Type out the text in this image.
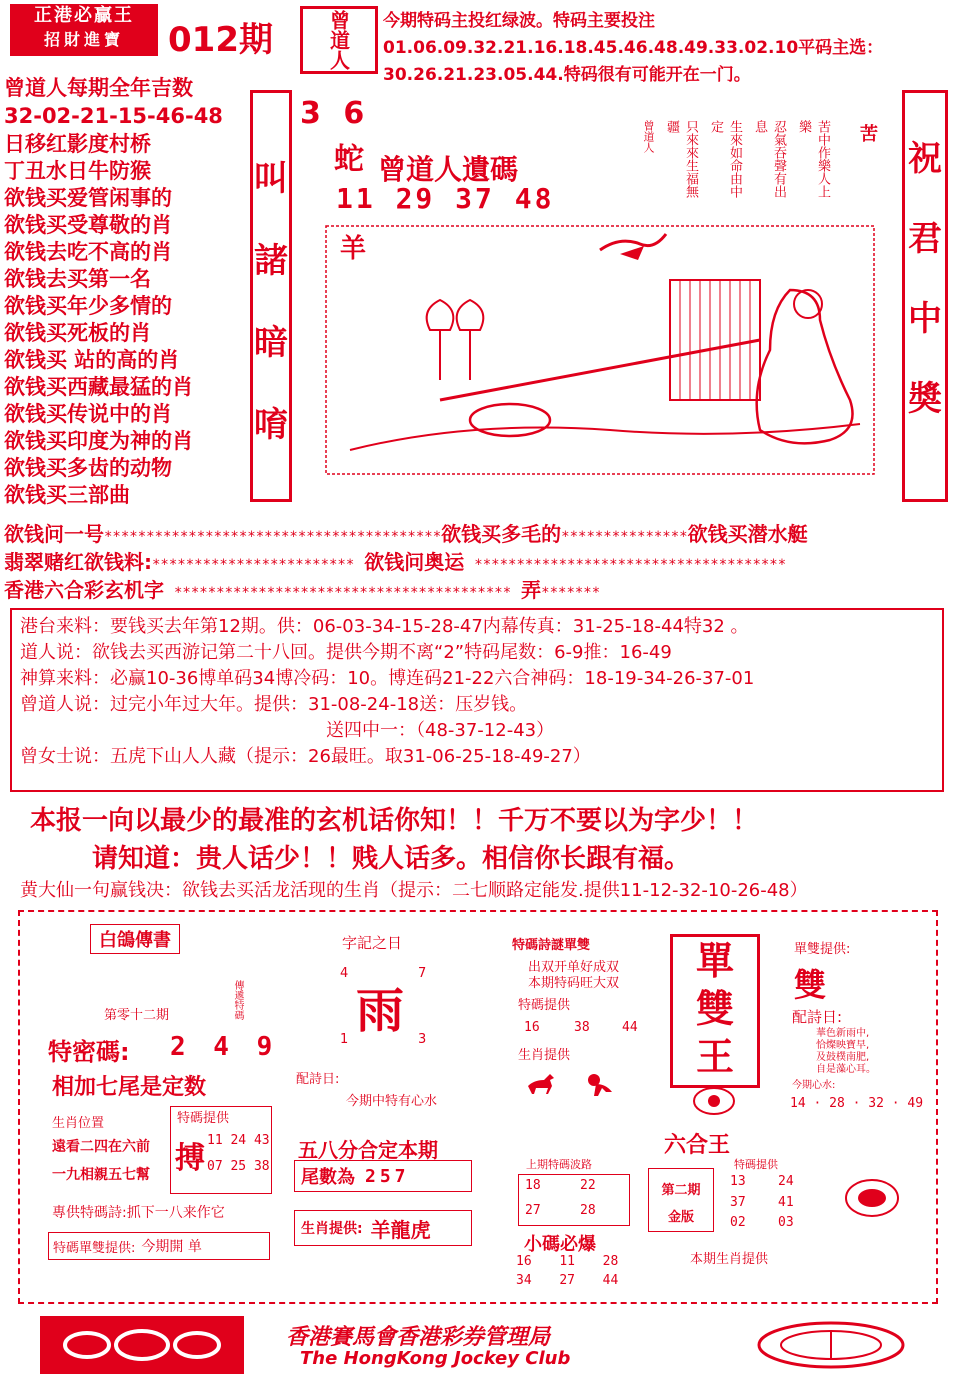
正港必贏王
招財進寶	012期	曾道人 今期特码主投红绿波。特码主要投注01.06.09.32.21.16.18.45.46.48.49.33.02.10平码主选：30.26.21.23.05.44.特码很有可能开在一门。
曾道人每期全年吉数
32-02-21-15-46-48
日移红影度村桥
丁丑水日牛防猴
欲钱买爱管闲事的
欲钱买受尊敬的肖
欲钱去吃不高的肖
欲钱去买第一名
欲钱买年少多情的
欲钱买死板的肖
欲钱买 站的高的肖
欲钱买西藏最猛的肖
欲钱买传说中的肖
欲钱买印度为神的肖
欲钱买多齿的动物
欲钱买三部曲
叫
諸
暗
唷
祝
君
中
奬
3 6
蛇 曾道人遺碼
11 29 37 48
羊
苦
苦中作樂人上樂
忍氣吞聲有出息
生來如命由中定
只來來生福無疆
曾道人
欲钱问一号****************************************欲钱买多毛的***************欲钱买潜水艇
翡翠赌红欲钱料:************************ 欲钱问奥运 *************************************
香港六合彩玄机字 **************************************** 弄*******
港台来料：要钱买去年第12期。供：06-03-34-15-28-47内幕传真：31-25-18-44特32 。
道人说：欲钱去买西游记第二十八回。提供今期不离“2”特码尾数：6-9推：16-49
神算来料：必赢10-36博单码34博冷码：10。博连码21-22六合神码：18-19-34-26-37-01
曾道人说：过完小年过大年。提供：31-08-24-18送：压岁钱。
送四中一：（48-37-12-43）
曾女士说：五虎下山人人藏（提示：26最旺。取31-06-25-18-49-27）
本报一向以最少的最准的玄机话你知！！千万不要以为字少！！
请知道：贵人话少！！贱人话多。相信你长跟有福。
黄大仙一句赢钱决：欲钱去买活龙活现的生肖（提示：二七顺路定能发.提供11-12-32-10-26-48）
白鴿傳書
傳遞特碼
第零十二期
特密碼: 2 4 9
相加七尾是定数
生肖位置
遠看二四在六前
一九相親五七幫
特碼提供
搏
11 24 43
07 25 38
專供特碼詩:抓下一八来作它
特碼單雙提供: 今期開 单
字記之日
4	7
雨
1	3
配詩日:
今期中特有心水
五八分合定本期
尾數為 257
生肖提供: 羊龍虎
特碼詩謎單雙
出双开单好成双
本期特码旺大双
特碼提供
16	38 44
生肖提供
單
雙
王
單雙提供:
雙
配詩日:
華色新雨中,
恰燦映寶早,
及鼓樸南肥,
自是藻心耳。
今期心水:
14 · 28 · 32 · 49
六合王
上期特碼波路
18	22
27	28
第二期
金版
特碼提供
13	24
37	41
02	03
小碼必爆
16	11	28
34	27	44
本期生肖提供
香港賽馬會香港彩券管理局
The HongKong Jockey Club
